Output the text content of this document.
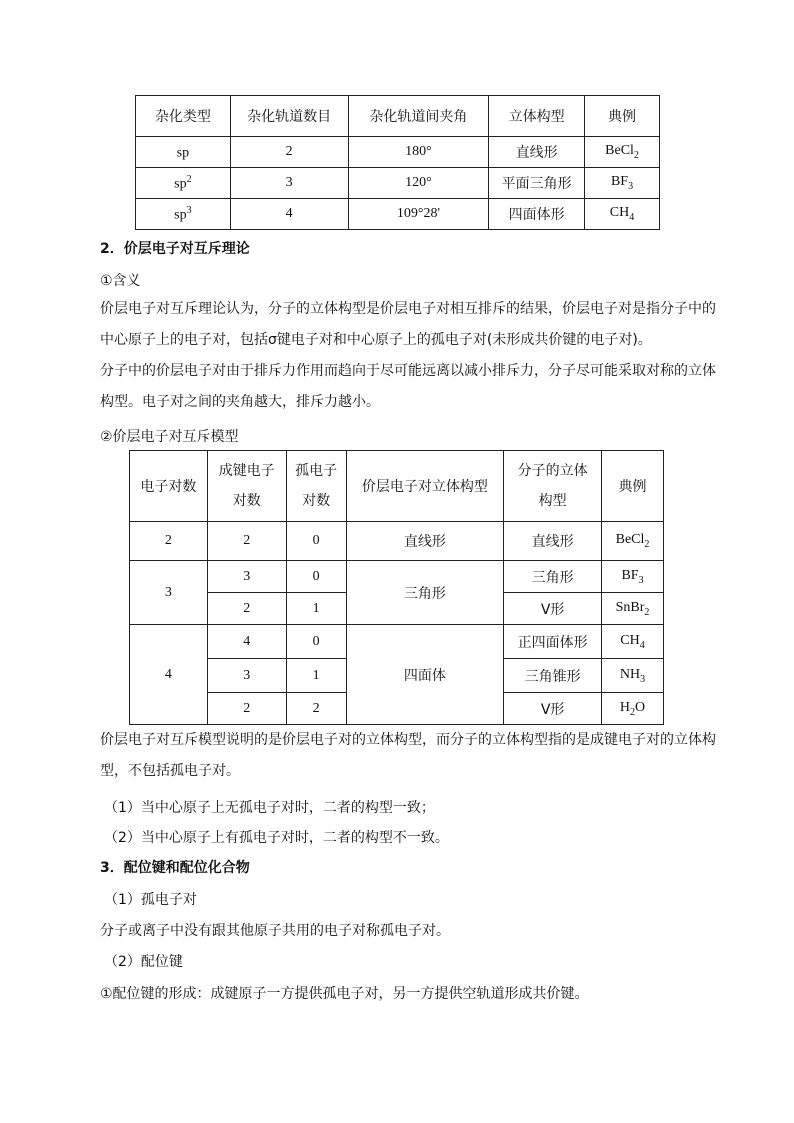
杂化类型	杂化轨道数目	杂化轨道间夹角	立体构型	典例
sp	2	180°	直线形	BeCl$_2$
$sp^2$	3	120°	平面三角形	$BF_3$
$sp^3$	4	109°28'	四面体形	$CH_4$
2．价层电子对互斥理论
①含义
价层电子对互斥理论认为，分子的立体构型是价层电子对相互排斥的结果，价层电子对是指分子中的中心原子上的电子对，包括σ键电子对和中心原子上的孤电子对(未形成共价键的电子对)。
分子中的价层电子对由于排斥力作用而趋向于尽可能远离以减小排斥力，分子尽可能采取对称的立体构型。电子对之间的夹角越大，排斥力越小。
②价层电子对互斥模型
电子对数	成键电子对数	孤电子对数	价层电子对立体构型	分子的立体构型	典例
2	2	0	直线形	直线形	BeCl$_2$
3	3	0	三角形	三角形	$BF_3$
	2	1		V形	SnBr$_2$
4	4	0	四面体	正四面体形	$CH_4$
	3	1		三角锥形	$NH_3$
	2	2		V形	$H_2O$
价层电子对互斥模型说明的是价层电子对的立体构型，而分子的立体构型指的是成键电子对的立体构型，不包括孤电子对。
（1）当中心原子上无孤电子对时，二者的构型一致；
（2）当中心原子上有孤电子对时，二者的构型不一致。
3．配位键和配位化合物
（1）孤电子对
分子或离子中没有跟其他原子共用的电子对称孤电子对。
（2）配位键
①配位键的形成：成键原子一方提供孤电子对，另一方提供空轨道形成共价键。
